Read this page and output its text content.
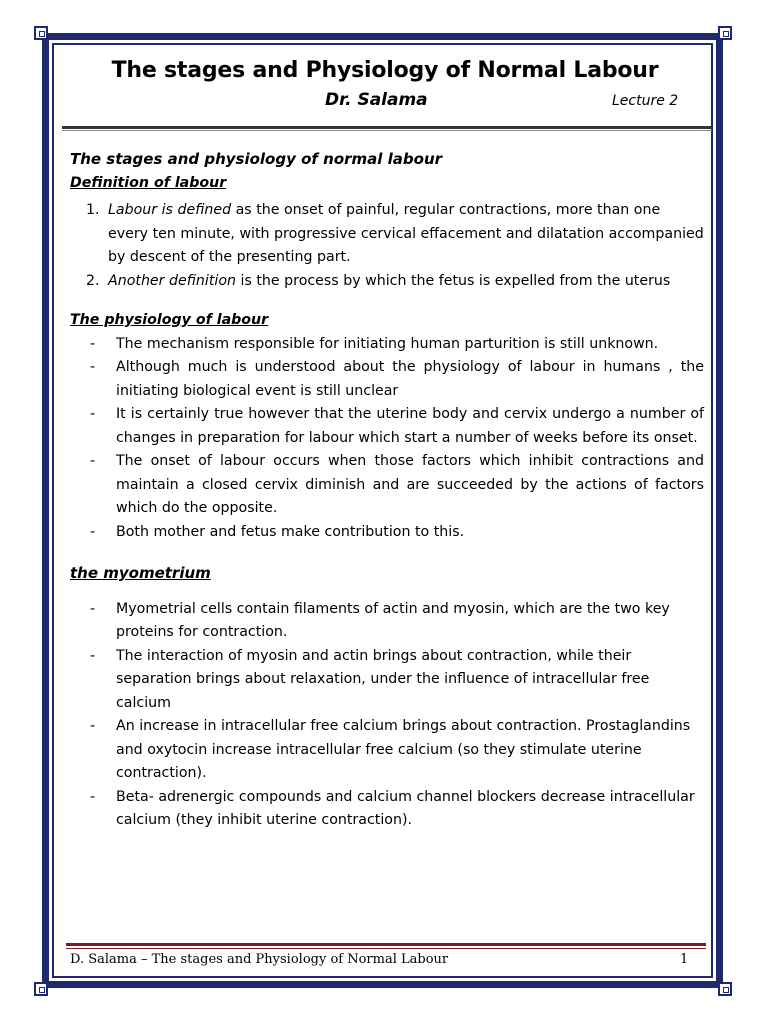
The stages and Physiology of Normal Labour
Dr. Salama	Lecture 2

The stages and physiology of normal labour

Definition of labour

1. Labour is defined as the onset of painful, regular contractions, more than one every ten minute, with progressive cervical effacement and dilatation accompanied by descent of the presenting part.
2. Another definition is the process by which the fetus is expelled from the uterus

The physiology of labour

- The mechanism responsible for initiating human parturition is still unknown.
- Although much is understood about the physiology of labour in humans , the initiating biological event is still unclear
- It is certainly true however that the uterine body and cervix undergo a number of changes in preparation for labour which start a number of weeks before its onset.
- The onset of labour occurs when those factors which inhibit contractions and maintain a closed cervix diminish and are succeeded by the actions of factors which do the opposite.
- Both mother and fetus make contribution to this.

the myometrium

- Myometrial cells contain filaments of actin and myosin, which are the two key proteins for contraction.
- The interaction of myosin and actin brings about contraction, while their separation brings about relaxation, under the influence of intracellular free calcium
- An increase in intracellular free calcium brings about contraction. Prostaglandins and oxytocin increase intracellular free calcium (so they stimulate uterine contraction).
- Beta- adrenergic compounds and calcium channel blockers decrease intracellular calcium (they inhibit uterine contraction).
D. Salama – The stages and Physiology of Normal Labour	1
